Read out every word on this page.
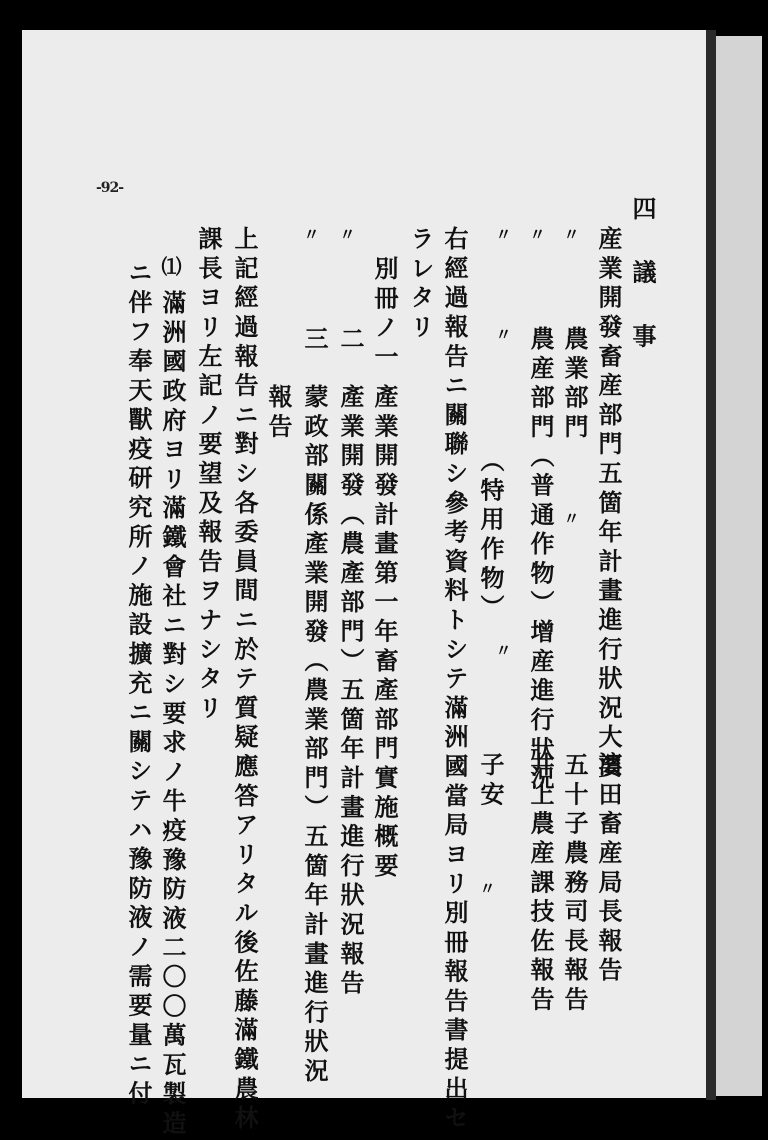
-92-
四 議 事
産業開發畜産部門五箇年計畫進行狀況大要
濱田畜産局長報告
〃
農業部門
〃
五十子農務司長報告
〃
農産部門（普通作物）增産進行狀況
井上農産課技佐報告
〃
〃
（特用作物）
〃
子安
〃
右經過報告ニ關聯シ參考資料トシテ滿洲國當局ヨリ別冊報告書提出セ
ラレタリ
別冊ノ一
產業開發計畫第一年畜產部門實施概要
〃
二
產業開發（農產部門）五箇年計畫進行狀況報告
〃
三
蒙政部關係產業開發（農業部門）五箇年計畫進行狀況
報告
上記經過報告ニ對シ各委員間ニ於テ質疑應答アリタル後佐藤滿鐵農林
課長ヨリ左記ノ要望及報告ヲナシタリ
⑴
滿洲國政府ヨリ滿鐵會社ニ對シ要求ノ牛疫豫防液二〇〇萬瓦製造
ニ伴フ奉天獸疫研究所ノ施設擴充ニ關シテハ豫防液ノ需要量ニ付
